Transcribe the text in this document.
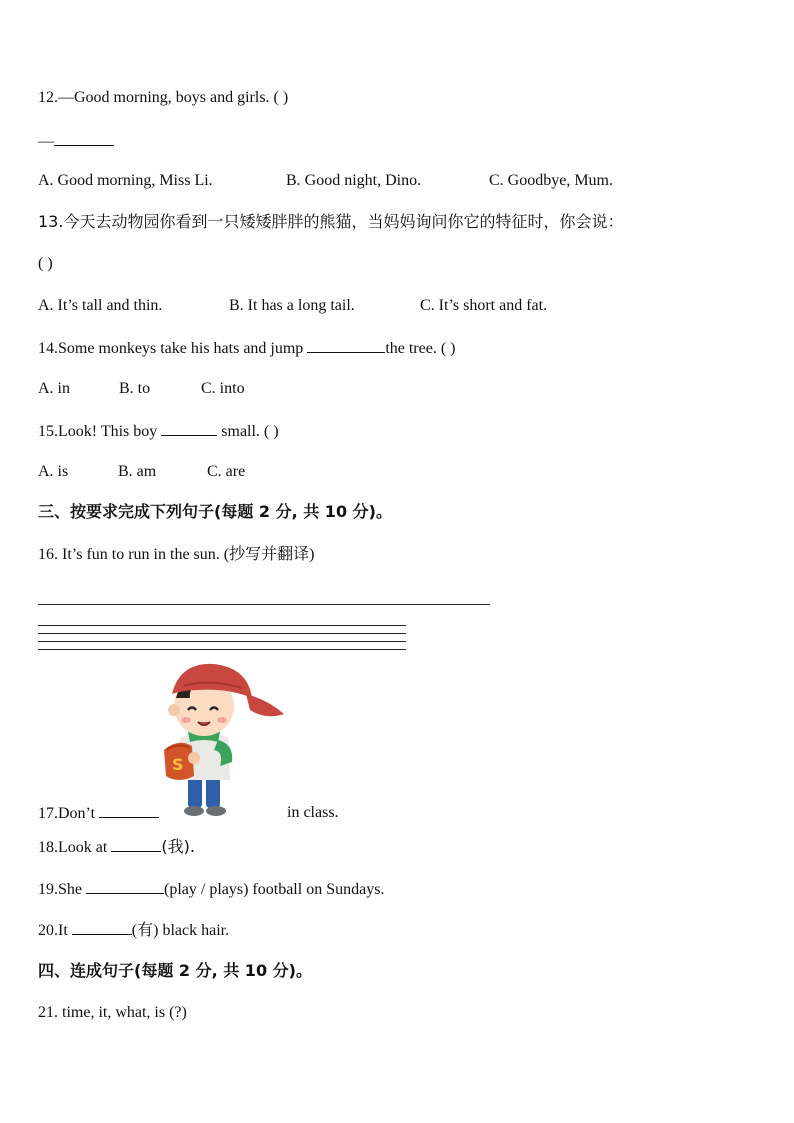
12.—Good morning, boys and girls. ( )
—
A. Good morning, Miss Li.	B. Good night, Dino.	C. Goodbye, Mum.
13.今天去动物园你看到一只矮矮胖胖的熊猫，当妈妈询问你它的特征时，你会说：
( )
A. It’s tall and thin.	B. It has a long tail.	C. It’s short and fat.
14.Some monkeys take his hats and jump	the tree. ( )
A. in	B. to	C. into
15.Look! This boy	small. ( )
A. is	B. am	C. are
三、按要求完成下列句子(每题 2 分, 共 10 分)。
16. It’s fun to run in the sun. (抄写并翻译)
S
17.Don’t	in class.
18.Look at	(我).
19.She	(play / plays) football on Sundays.
20.It	(有) black hair.
四、连成句子(每题 2 分, 共 10 分)。
21. time, it, what, is (?)
